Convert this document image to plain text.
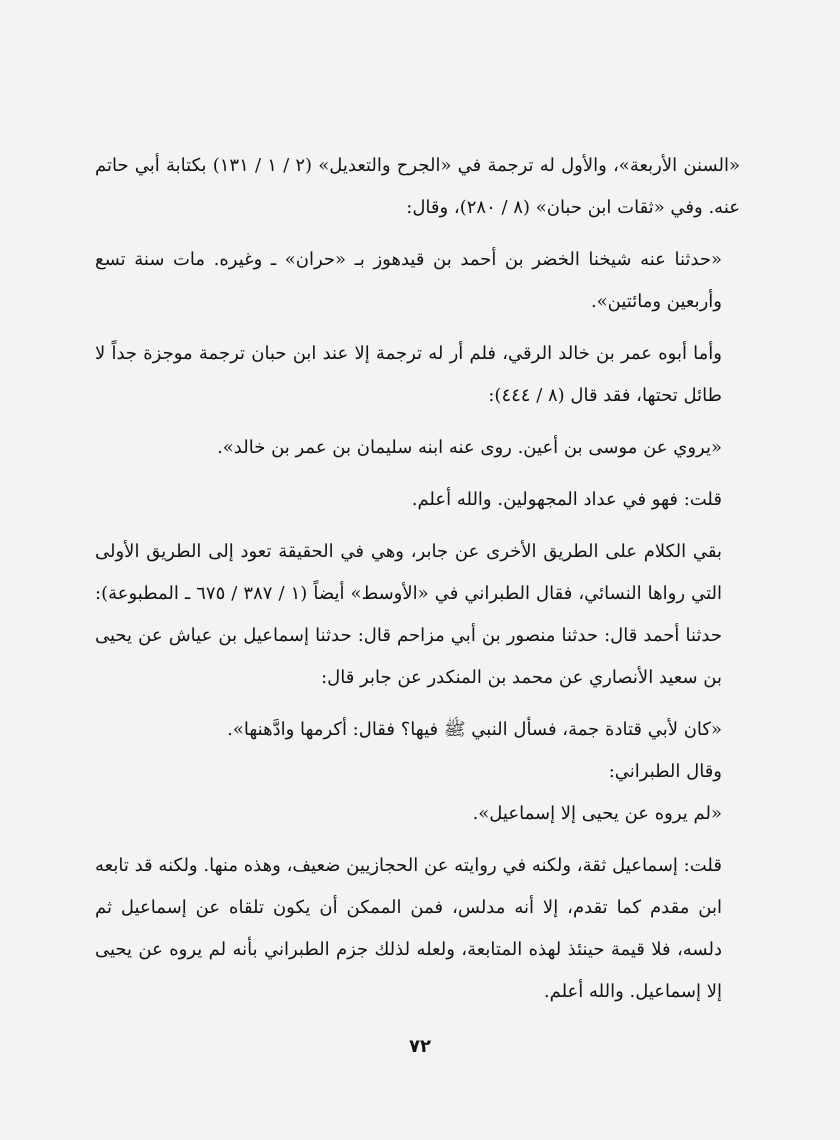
«السنن الأربعة»، والأول له ترجمة في «الجرح والتعديل» (٢ / ١ / ١٣١) بكتابة أبي حاتم عنه. وفي «ثقات ابن حبان» (٨ / ٢٨٠)، وقال:

«حدثنا عنه شيخنا الخضر بن أحمد بن قيدهوز بـ «حران» ـ وغيره. مات سنة تسع وأربعين ومائتين».

وأما أبوه عمر بن خالد الرقي، فلم أر له ترجمة إلا عند ابن حبان ترجمة موجزة جداً لا طائل تحتها، فقد قال (٨ / ٤٤٤):

«يروي عن موسى بن أعين. روى عنه ابنه سليمان بن عمر بن خالد».

قلت: فهو في عداد المجهولين. والله أعلم.

بقي الكلام على الطريق الأخرى عن جابر، وهي في الحقيقة تعود إلى الطريق الأولى التي رواها النسائي، فقال الطبراني في «الأوسط» أيضاً (١ / ٣٨٧ / ٦٧٥ ـ المطبوعة): حدثنا أحمد قال: حدثنا منصور بن أبي مزاحم قال: حدثنا إسماعيل بن عياش عن يحيى بن سعيد الأنصاري عن محمد بن المنكدر عن جابر قال:

«كان لأبي قتادة جمة، فسأل النبي ﷺ فيها؟ فقال: أكرمها وادَّهنها».

وقال الطبراني:

«لم يروه عن يحيى إلا إسماعيل».

قلت: إسماعيل ثقة، ولكنه في روايته عن الحجازيين ضعيف، وهذه منها. ولكنه قد تابعه ابن مقدم كما تقدم، إلا أنه مدلس، فمن الممكن أن يكون تلقاه عن إسماعيل ثم دلسه، فلا قيمة حينئذ لهذه المتابعة، ولعله لذلك جزم الطبراني بأنه لم يروه عن يحيى إلا إسماعيل. والله أعلم.

٧٢
